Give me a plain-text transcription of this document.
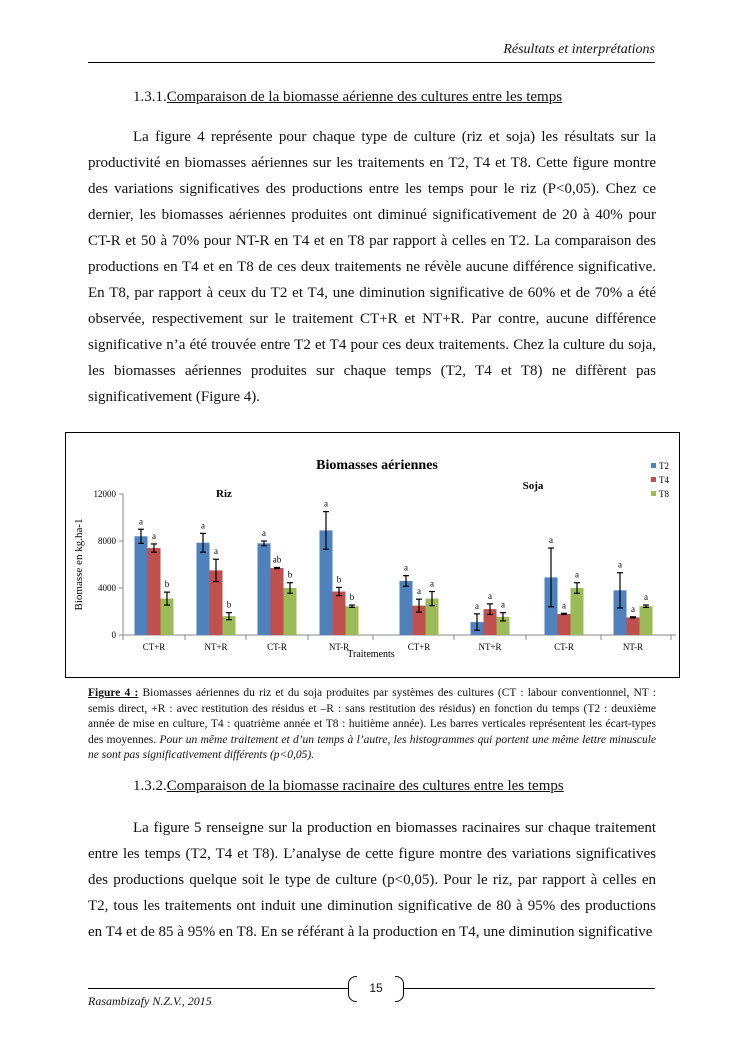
Résultats et interprétations
1.3.1.Comparaison de la biomasse aérienne des cultures entre les temps
La figure 4 représente pour chaque type de culture (riz et soja) les résultats sur la productivité en biomasses aériennes sur les traitements en T2, T4 et T8. Cette figure montre des variations significatives des productions entre les temps pour le riz (P<0,05). Chez ce dernier, les biomasses aériennes produites ont diminué significativement de 20 à 40% pour CT-R et 50 à 70% pour NT-R en T4 et en T8 par rapport à celles en T2. La comparaison des productions en T4 et en T8 de ces deux traitements ne révèle aucune différence significative. En T8, par rapport à ceux du T2 et T4, une diminution significative de 60% et de 70% a été observée, respectivement sur le traitement CT+R et NT+R. Par contre, aucune différence significative n’a été trouvée entre T2 et T4 pour ces deux traitements. Chez la culture du soja, les biomasses aériennes produites sur chaque temps (T2, T4 et T8) ne diffèrent pas significativement (Figure 4).
Biomasses aériennes
0
4000
8000
12000
Biomasse en kg.ha-1
Traitements
Riz
CT+R
a
a
b
NT+R
a
a
b
CT-R
a
ab
b
NT-R
a
b
b
Soja
CT+R
a
a
a
NT+R
a
a
a
CT-R
a
a
a
NT-R
a
a
a
T2
T4
T8
Figure 4 : Biomasses aériennes du riz et du soja produites par systèmes des cultures (CT : labour conventionnel, NT : semis direct, +R : avec restitution des résidus et –R : sans restitution des résidus) en fonction du temps (T2 : deuxième année de mise en culture, T4 : quatrième année et T8 : huitième année). Les barres verticales représentent les écart-types des moyennes. Pour un même traitement et d’un temps à l’autre, les histogrammes qui portent une même lettre minuscule ne sont pas significativement différents (p<0,05).
1.3.2.Comparaison de la biomasse racinaire des cultures entre les temps
La figure 5 renseigne sur la production en biomasses racinaires sur chaque traitement entre les temps (T2, T4 et T8). L’analyse de cette figure montre des variations significatives des productions quelque soit le type de culture (p<0,05). Pour le riz, par rapport à celles en T2, tous les traitements ont induit une diminution significative de 80 à 95% des productions en T4 et de 85 à 95% en T8. En se référant à la production en T4, une diminution significative
15
Rasambizafy N.Z.V., 2015
